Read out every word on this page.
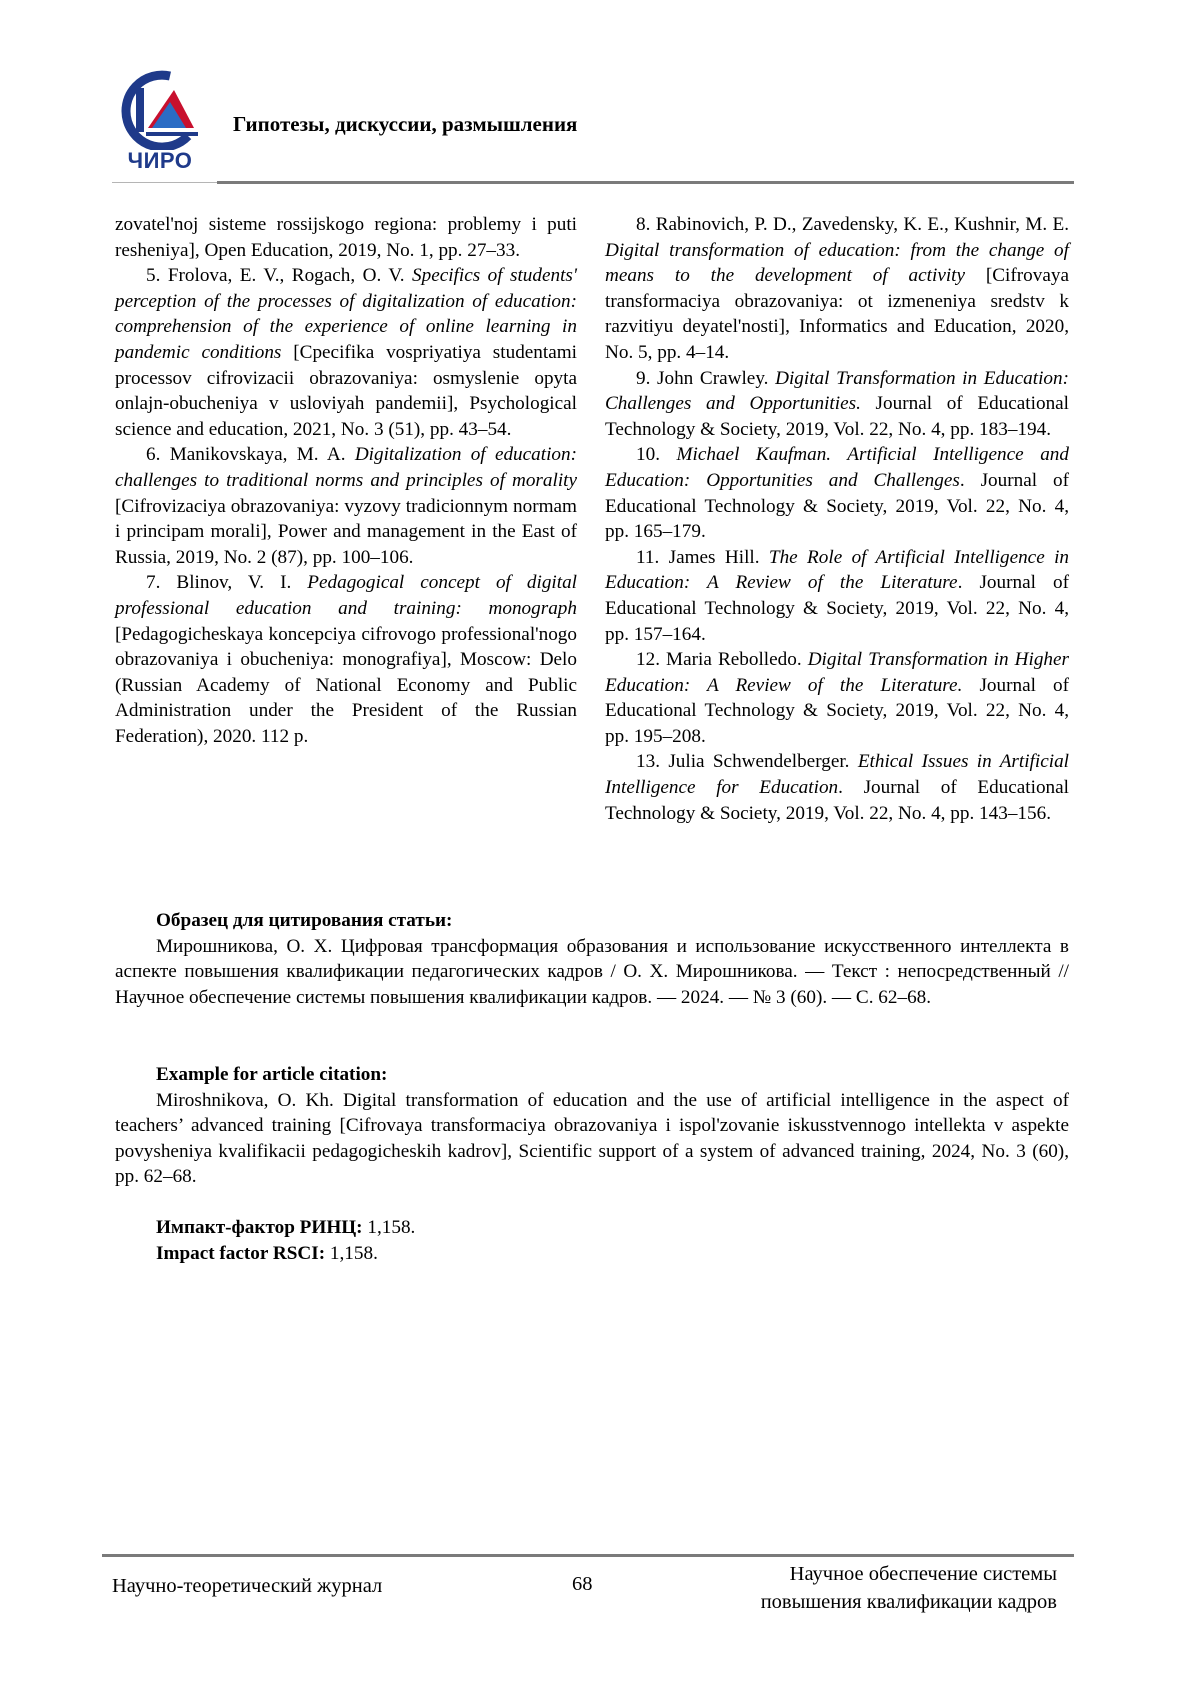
ЧИРО
Гипотезы, дискуссии, размышления

zovatel'noj sisteme rossijskogo regiona: problemy i puti resheniya], Open Education, 2019, No. 1, pp. 27–33.

5. Frolova, E. V., Rogach, O. V. Specifics of students' perception of the processes of digitali­zation of education: comprehension of the expe­rience of online learning in pandemic conditions [Cpecifika vospriyatiya studentami processov cifrovizacii obrazovaniya: osmyslenie opyta onlajn-obucheniya v usloviyah pandemii], Psy­chological science and education, 2021, No. 3 (51), pp. 43–54.

6. Manikovskaya, M. A. Digitalization of edu­cation: challenges to traditional norms and princi­ples of morality [Cifrovizaciya obrazovaniya: vyzovy tradicionnym normam i principam morali], Power and management in the East of Russia, 2019, No. 2 (87), pp. 100–106.

7. Blinov, V. I. Pedagogical concept of digi­tal professional education and training: mono­graph [Pedagogicheskaya koncepciya cifrovogo professional'nogo obrazovaniya i obucheniya: monografiya], Moscow: Delo (Russian Academy of National Economy and Public Administration under the President of the Russian Federation), 2020. 112 p.

8. Rabinovich, P. D., Zavedensky, K. E., Kush­nir, M. E. Digital transformation of education: from the change of means to the development of activity [Cifrovaya transformaciya obrazovaniya: ot izmeneniya sredstv k razvitiyu deyatel'nosti], Informatics and Education, 2020, No. 5, pp. 4–14.

9. John Crawley. Digital Transformation in Ed­ucation: Challenges and Opportunities. Journal of Educational Technology & Society, 2019, Vol. 22, No. 4, pp. 183–194.

10. Michael Kaufman. Artificial Intelligence and Education: Opportunities and Challenges. Journal of Educational Technology & Society, 2019, Vol. 22, No. 4, pp. 165–179.

11. James Hill. The Role of Artificial Intelli­gence in Education: A Review of the Literature. Journal of Educational Technology & Society, 2019, Vol. 22, No. 4, pp. 157–164.

12. Maria Rebolledo. Digital Transformation in Higher Education: A Review of the Literature. Journal of Educational Technology & Society, 2019, Vol. 22, No. 4, pp. 195–208.

13. Julia Schwendelberger. Ethical Issues in Ar­tificial Intelligence for Education. Journal of Edu­cational Technology & Society, 2019, Vol. 22, No. 4, pp. 143–156.

Образец для цитирования статьи:

Мирошникова, О. Х. Цифровая трансформация образования и использование искусственного интеллекта в аспекте повышения квалификации педагогических кадров / О. Х. Мирошникова. — Текст : непосредственный // Научное обеспечение системы повышения квалификации кадров. — 2024. — № 3 (60). — С. 62–68.

Example for article citation:

Miroshnikova, O. Kh. Digital transformation of education and the use of artificial intelligence in the aspect of teachers’ advanced training [Cifrovaya transformaciya obrazovaniya i ispol'zovanie iskusstven­nogo intellekta v aspekte povysheniya kvalifikacii pedagogicheskih kadrov], Scientific support of a system of advanced training, 2024, No. 3 (60), pp. 62–68.

Импакт-фактор РИНЦ: 1,158.
Impact factor RSCI: 1,158.
Научно-теоретический журнал	68	Научное обеспечение системы
повышения квалификации кадров
